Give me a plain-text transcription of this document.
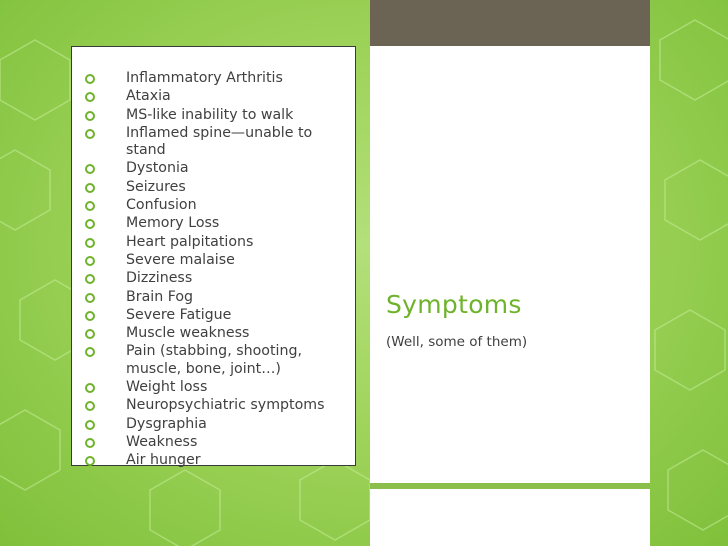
Inflammatory Arthritis
Ataxia
MS-like inability to walk
Inflamed spine—unable to stand
Dystonia
Seizures
Confusion
Memory Loss
Heart palpitations
Severe malaise
Dizziness
Brain Fog
Severe Fatigue
Muscle weakness
Pain (stabbing, shooting, muscle, bone, joint…)
Weight loss
Neuropsychiatric symptoms
Dysgraphia
Weakness
Air hunger
Symptoms

(Well, some of them)
